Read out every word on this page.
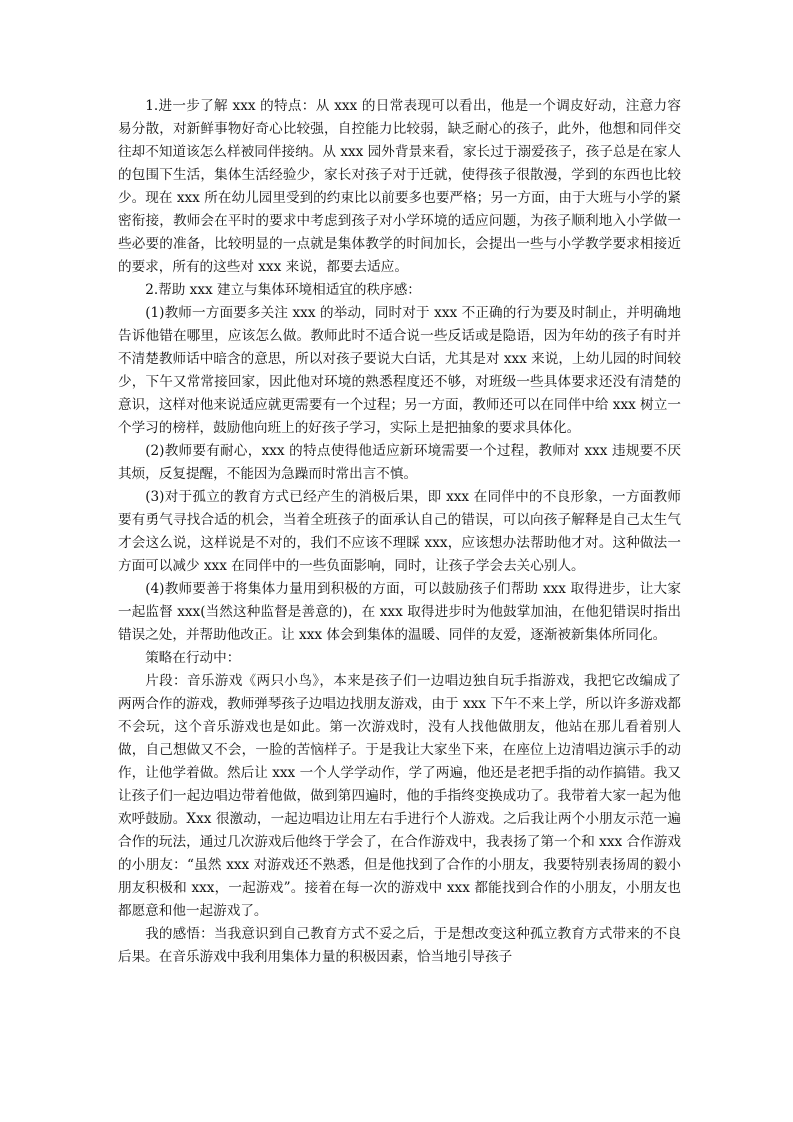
1.进一步了解 xxx 的特点：从 xxx 的日常表现可以看出，他是一个调皮好动，注意力容易分散，对新鲜事物好奇心比较强，自控能力比较弱，缺乏耐心的孩子，此外，他想和同伴交往却不知道该怎么样被同伴接纳。从 xxx 园外背景来看，家长过于溺爱孩子，孩子总是在家人的包围下生活，集体生活经验少，家长对孩子对于迁就，使得孩子很散漫，学到的东西也比较少。现在 xxx 所在幼儿园里受到的约束比以前要多也要严格；另一方面，由于大班与小学的紧密衔接，教师会在平时的要求中考虑到孩子对小学环境的适应问题，为孩子顺利地入小学做一些必要的准备，比较明显的一点就是集体教学的时间加长，会提出一些与小学教学要求相接近的要求，所有的这些对 xxx 来说，都要去适应。

2.帮助 xxx 建立与集体环境相适宜的秩序感：

(1)教师一方面要多关注 xxx 的举动，同时对于 xxx 不正确的行为要及时制止，并明确地告诉他错在哪里，应该怎么做。教师此时不适合说一些反话或是隐语，因为年幼的孩子有时并不清楚教师话中暗含的意思，所以对孩子要说大白话，尤其是对 xxx 来说，上幼儿园的时间较少，下午又常常接回家，因此他对环境的熟悉程度还不够，对班级一些具体要求还没有清楚的意识，这样对他来说适应就更需要有一个过程；另一方面，教师还可以在同伴中给 xxx 树立一个学习的榜样，鼓励他向班上的好孩子学习，实际上是把抽象的要求具体化。

(2)教师要有耐心，xxx 的特点使得他适应新环境需要一个过程，教师对 xxx 违规要不厌其烦，反复提醒，不能因为急躁而时常出言不慎。

(3)对于孤立的教育方式已经产生的消极后果，即 xxx 在同伴中的不良形象，一方面教师要有勇气寻找合适的机会，当着全班孩子的面承认自己的错误，可以向孩子解释是自己太生气才会这么说，这样说是不对的，我们不应该不理睬 xxx，应该想办法帮助他才对。这种做法一方面可以减少 xxx 在同伴中的一些负面影响，同时，让孩子学会去关心别人。

(4)教师要善于将集体力量用到积极的方面，可以鼓励孩子们帮助 xxx 取得进步，让大家一起监督 xxx(当然这种监督是善意的)，在 xxx 取得进步时为他鼓掌加油，在他犯错误时指出错误之处，并帮助他改正。让 xxx 体会到集体的温暖、同伴的友爱，逐渐被新集体所同化。

策略在行动中：

片段：音乐游戏《两只小鸟》，本来是孩子们一边唱边独自玩手指游戏，我把它改编成了两两合作的游戏，教师弹琴孩子边唱边找朋友游戏，由于 xxx 下午不来上学，所以许多游戏都不会玩，这个音乐游戏也是如此。第一次游戏时，没有人找他做朋友，他站在那儿看着别人做，自己想做又不会，一脸的苦恼样子。于是我让大家坐下来，在座位上边清唱边演示手的动作，让他学着做。然后让 xxx 一个人学学动作，学了两遍，他还是老把手指的动作搞错。我又让孩子们一起边唱边带着他做，做到第四遍时，他的手指终变换成功了。我带着大家一起为他欢呼鼓励。Xxx 很激动，一起边唱边让用左右手进行个人游戏。之后我让两个小朋友示范一遍合作的玩法，通过几次游戏后他终于学会了，在合作游戏中，我表扬了第一个和 xxx 合作游戏的小朋友：“虽然 xxx 对游戏还不熟悉，但是他找到了合作的小朋友，我要特别表扬周的毅小朋友积极和 xxx，一起游戏”。接着在每一次的游戏中 xxx 都能找到合作的小朋友，小朋友也都愿意和他一起游戏了。

我的感悟：当我意识到自己教育方式不妥之后，于是想改变这种孤立教育方式带来的不良后果。在音乐游戏中我利用集体力量的积极因素，恰当地引导孩子
